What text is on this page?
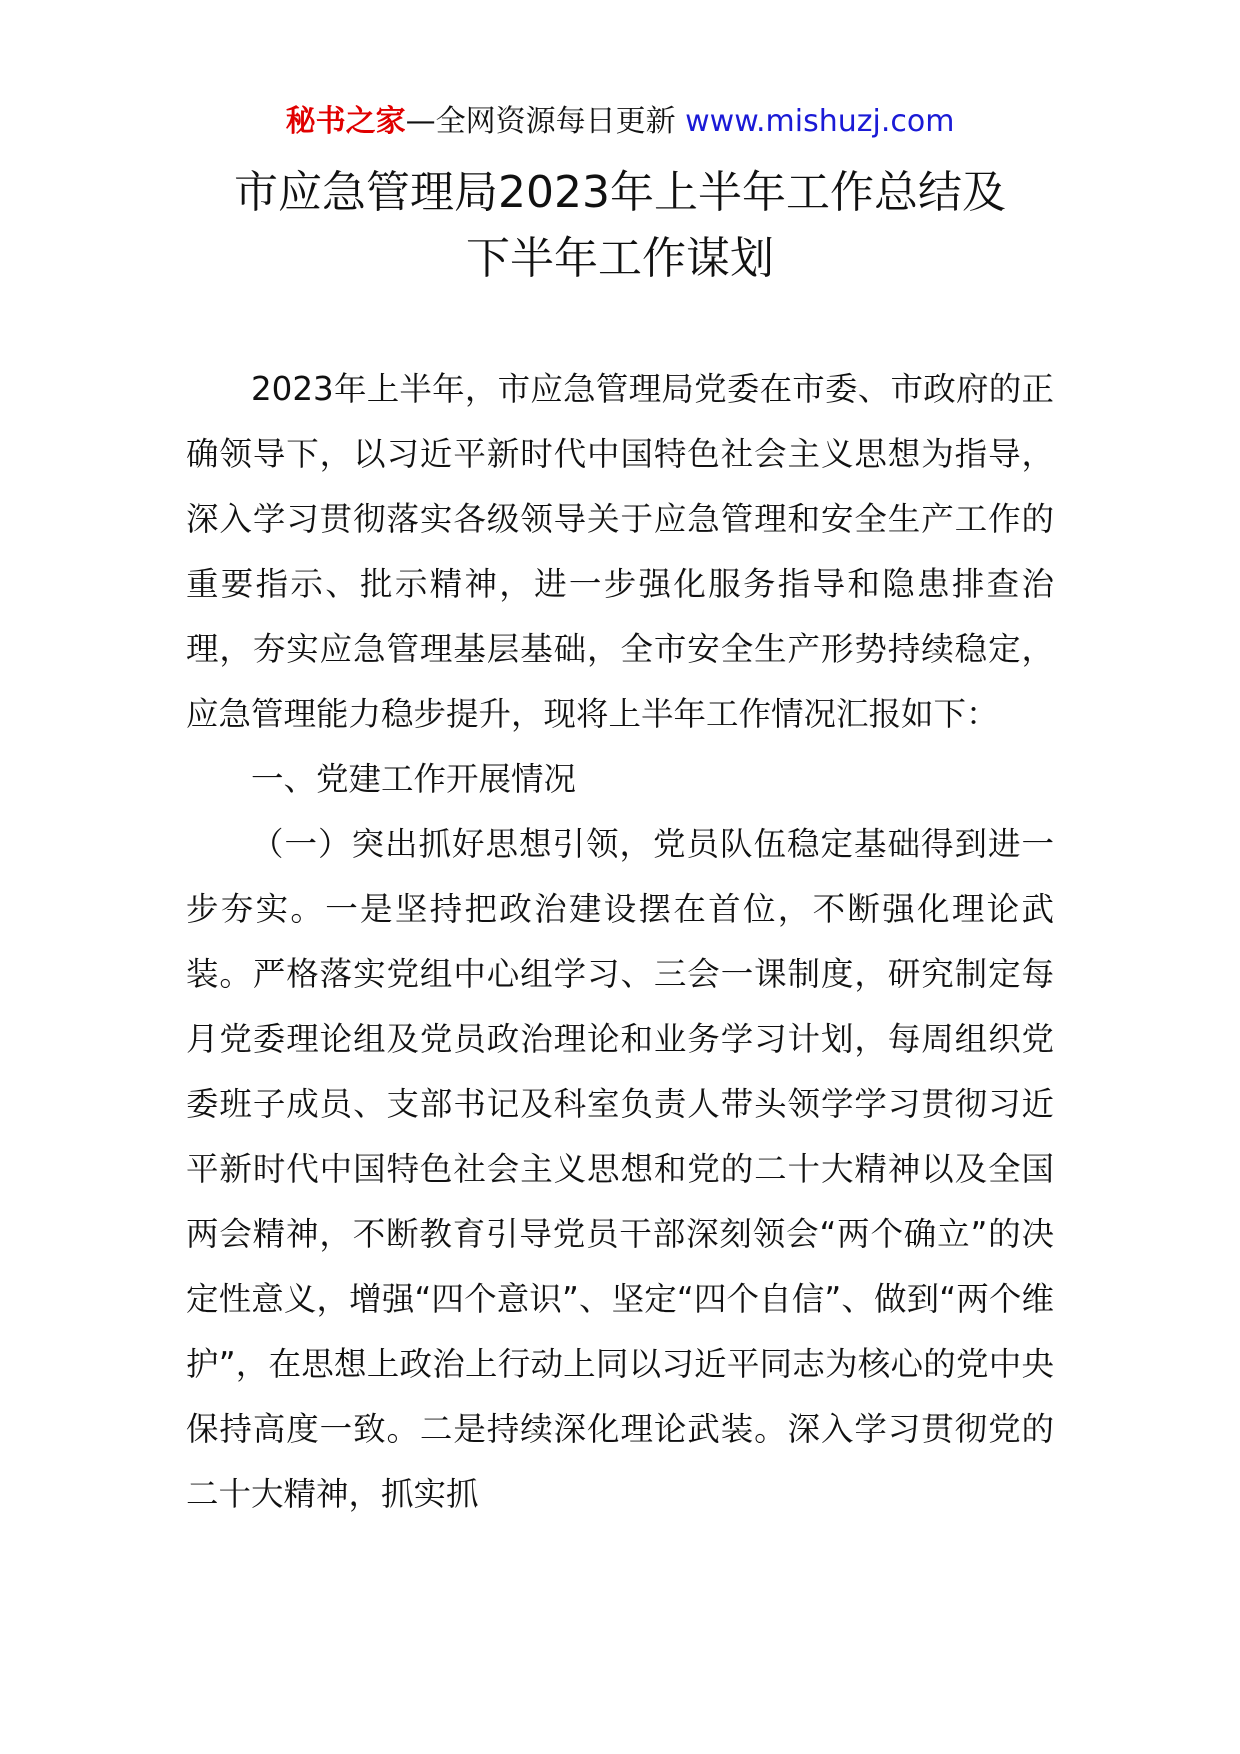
秘书之家—全网资源每日更新 www.mishuzj.com
市应急管理局2023年上半年工作总结及
下半年工作谋划

2023年上半年，市应急管理局党委在市委、市政府的正确领导下，以习近平新时代中国特色社会主义思想为指导，深入学习贯彻落实各级领导关于应急管理和安全生产工作的重要指示、批示精神，进一步强化服务指导和隐患排查治理，夯实应急管理基层基础，全市安全生产形势持续稳定，应急管理能力稳步提升，现将上半年工作情况汇报如下：

一、党建工作开展情况

（一）突出抓好思想引领，党员队伍稳定基础得到进一步夯实。一是坚持把政治建设摆在首位，不断强化理论武装。严格落实党组中心组学习、三会一课制度，研究制定每月党委理论组及党员政治理论和业务学习计划，每周组织党委班子成员、支部书记及科室负责人带头领学学习贯彻习近平新时代中国特色社会主义思想和党的二十大精神以及全国两会精神，不断教育引导党员干部深刻领会“两个确立”的决定性意义，增强“四个意识”、坚定“四个自信”、做到“两个维护”，在思想上政治上行动上同以习近平同志为核心的党中央保持高度一致。二是持续深化理论武装。深入学习贯彻党的二十大精神，抓实抓
